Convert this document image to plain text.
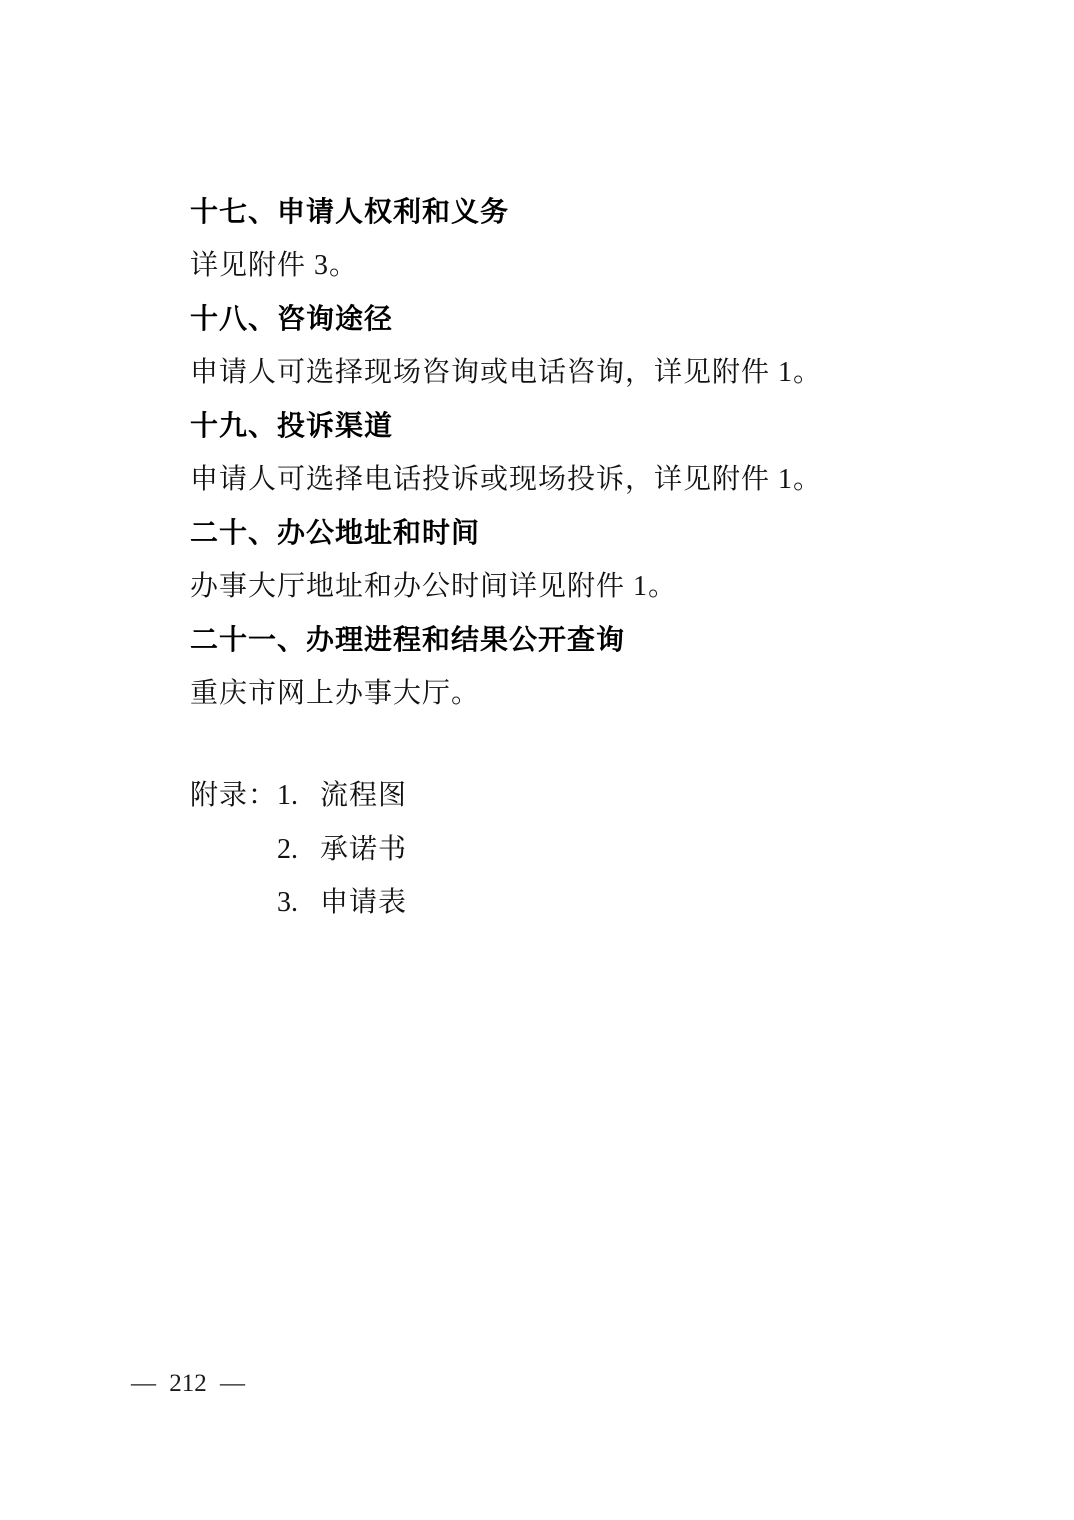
十七、申请人权利和义务

详见附件 3。

十八、咨询途径

申请人可选择现场咨询或电话咨询，详见附件 1。

十九、投诉渠道

申请人可选择电话投诉或现场投诉，详见附件 1。

二十、办公地址和时间

办事大厅地址和办公时间详见附件 1。

二十一、办理进程和结果公开查询

重庆市网上办事大厅。

附录： 1. 流程图
2. 承诺书
3. 申请表
— 212 —
